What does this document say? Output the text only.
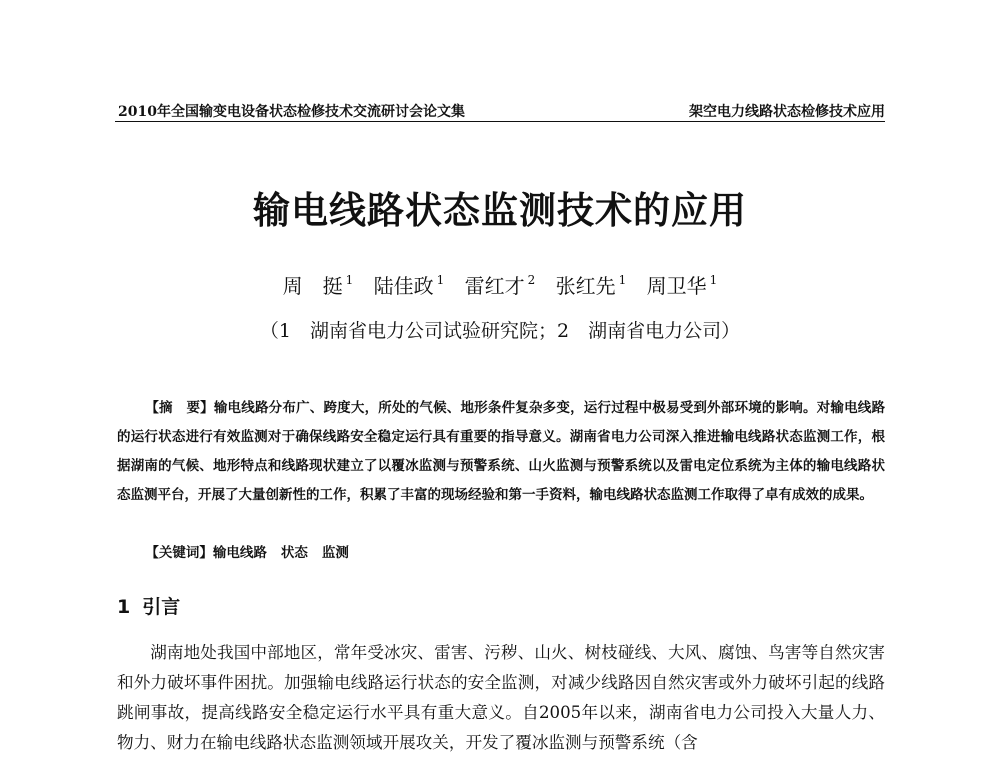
2010年全国输变电设备状态检修技术交流研讨会论文集	架空电力线路状态检修技术应用
输电线路状态监测技术的应用
周　挺 $^1$ 陆佳政 $^1$ 雷红才 $^2$ 张红先 $^1$ 周卫华 $^1$
（1　湖南省电力公司试验研究院；2　湖南省电力公司）
【摘　要】输电线路分布广、跨度大，所处的气候、地形条件复杂多变，运行过程中极易受到外部环境的影响。对输电线路的运行状态进行有效监测对于确保线路安全稳定运行具有重要的指导意义。湖南省电力公司深入推进输电线路状态监测工作，根据湖南的气候、地形特点和线路现状建立了以覆冰监测与预警系统、山火监测与预警系统以及雷电定位系统为主体的输电线路状态监测平台，开展了大量创新性的工作，积累了丰富的现场经验和第一手资料，输电线路状态监测工作取得了卓有成效的成果。
【关键词】输电线路 状态 监测
1 引言
湖南地处我国中部地区，常年受冰灾、雷害、污秽、山火、树枝碰线、大风、腐蚀、鸟害等自然灾害和外力破坏事件困扰。加强输电线路运行状态的安全监测，对减少线路因自然灾害或外力破坏引起的线路跳闸事故，提高线路安全稳定运行水平具有重大意义。自2005年以来，湖南省电力公司投入大量人力、物力、财力在输电线路状态监测领域开展攻关，开发了覆冰监测与预警系统（含
